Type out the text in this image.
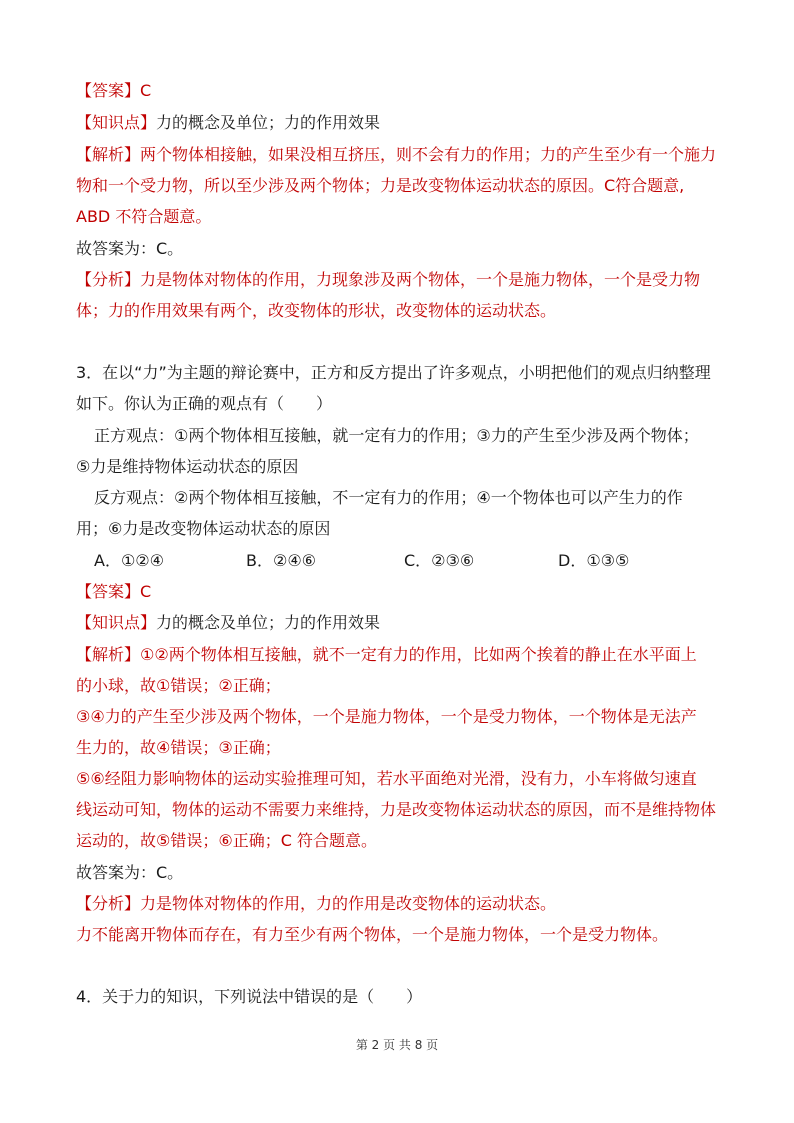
【答案】C
【知识点】力的概念及单位；力的作用效果
【解析】两个物体相接触，如果没相互挤压，则不会有力的作用；力的产生至少有一个施力
物和一个受力物，所以至少涉及两个物体；力是改变物体运动状态的原因。C符合题意,
ABD 不符合题意。
故答案为：C。
【分析】力是物体对物体的作用，力现象涉及两个物体，一个是施力物体，一个是受力物
体；力的作用效果有两个，改变物体的形状，改变物体的运动状态。
3．在以“力”为主题的辩论赛中，正方和反方提出了许多观点，小明把他们的观点归纳整理
如下。你认为正确的观点有（　　）
正方观点：①两个物体相互接触，就一定有力的作用；③力的产生至少涉及两个物体；
⑤力是维持物体运动状态的原因
反方观点：②两个物体相互接触，不一定有力的作用；④一个物体也可以产生力的作
用；⑥力是改变物体运动状态的原因
A．①②④	B．②④⑥	C．②③⑥	D．①③⑤
【答案】C
【知识点】力的概念及单位；力的作用效果
【解析】①②两个物体相互接触，就不一定有力的作用，比如两个挨着的静止在水平面上
的小球，故①错误；②正确；
③④力的产生至少涉及两个物体，一个是施力物体，一个是受力物体，一个物体是无法产
生力的，故④错误；③正确；
⑤⑥经阻力影响物体的运动实验推理可知，若水平面绝对光滑，没有力，小车将做匀速直
线运动可知，物体的运动不需要力来维持，力是改变物体运动状态的原因，而不是维持物体
运动的，故⑤错误；⑥正确；C 符合题意。
故答案为：C。
【分析】力是物体对物体的作用，力的作用是改变物体的运动状态。
力不能离开物体而存在，有力至少有两个物体，一个是施力物体，一个是受力物体。
4．关于力的知识，下列说法中错误的是（　　）
第 2 页 共 8 页
